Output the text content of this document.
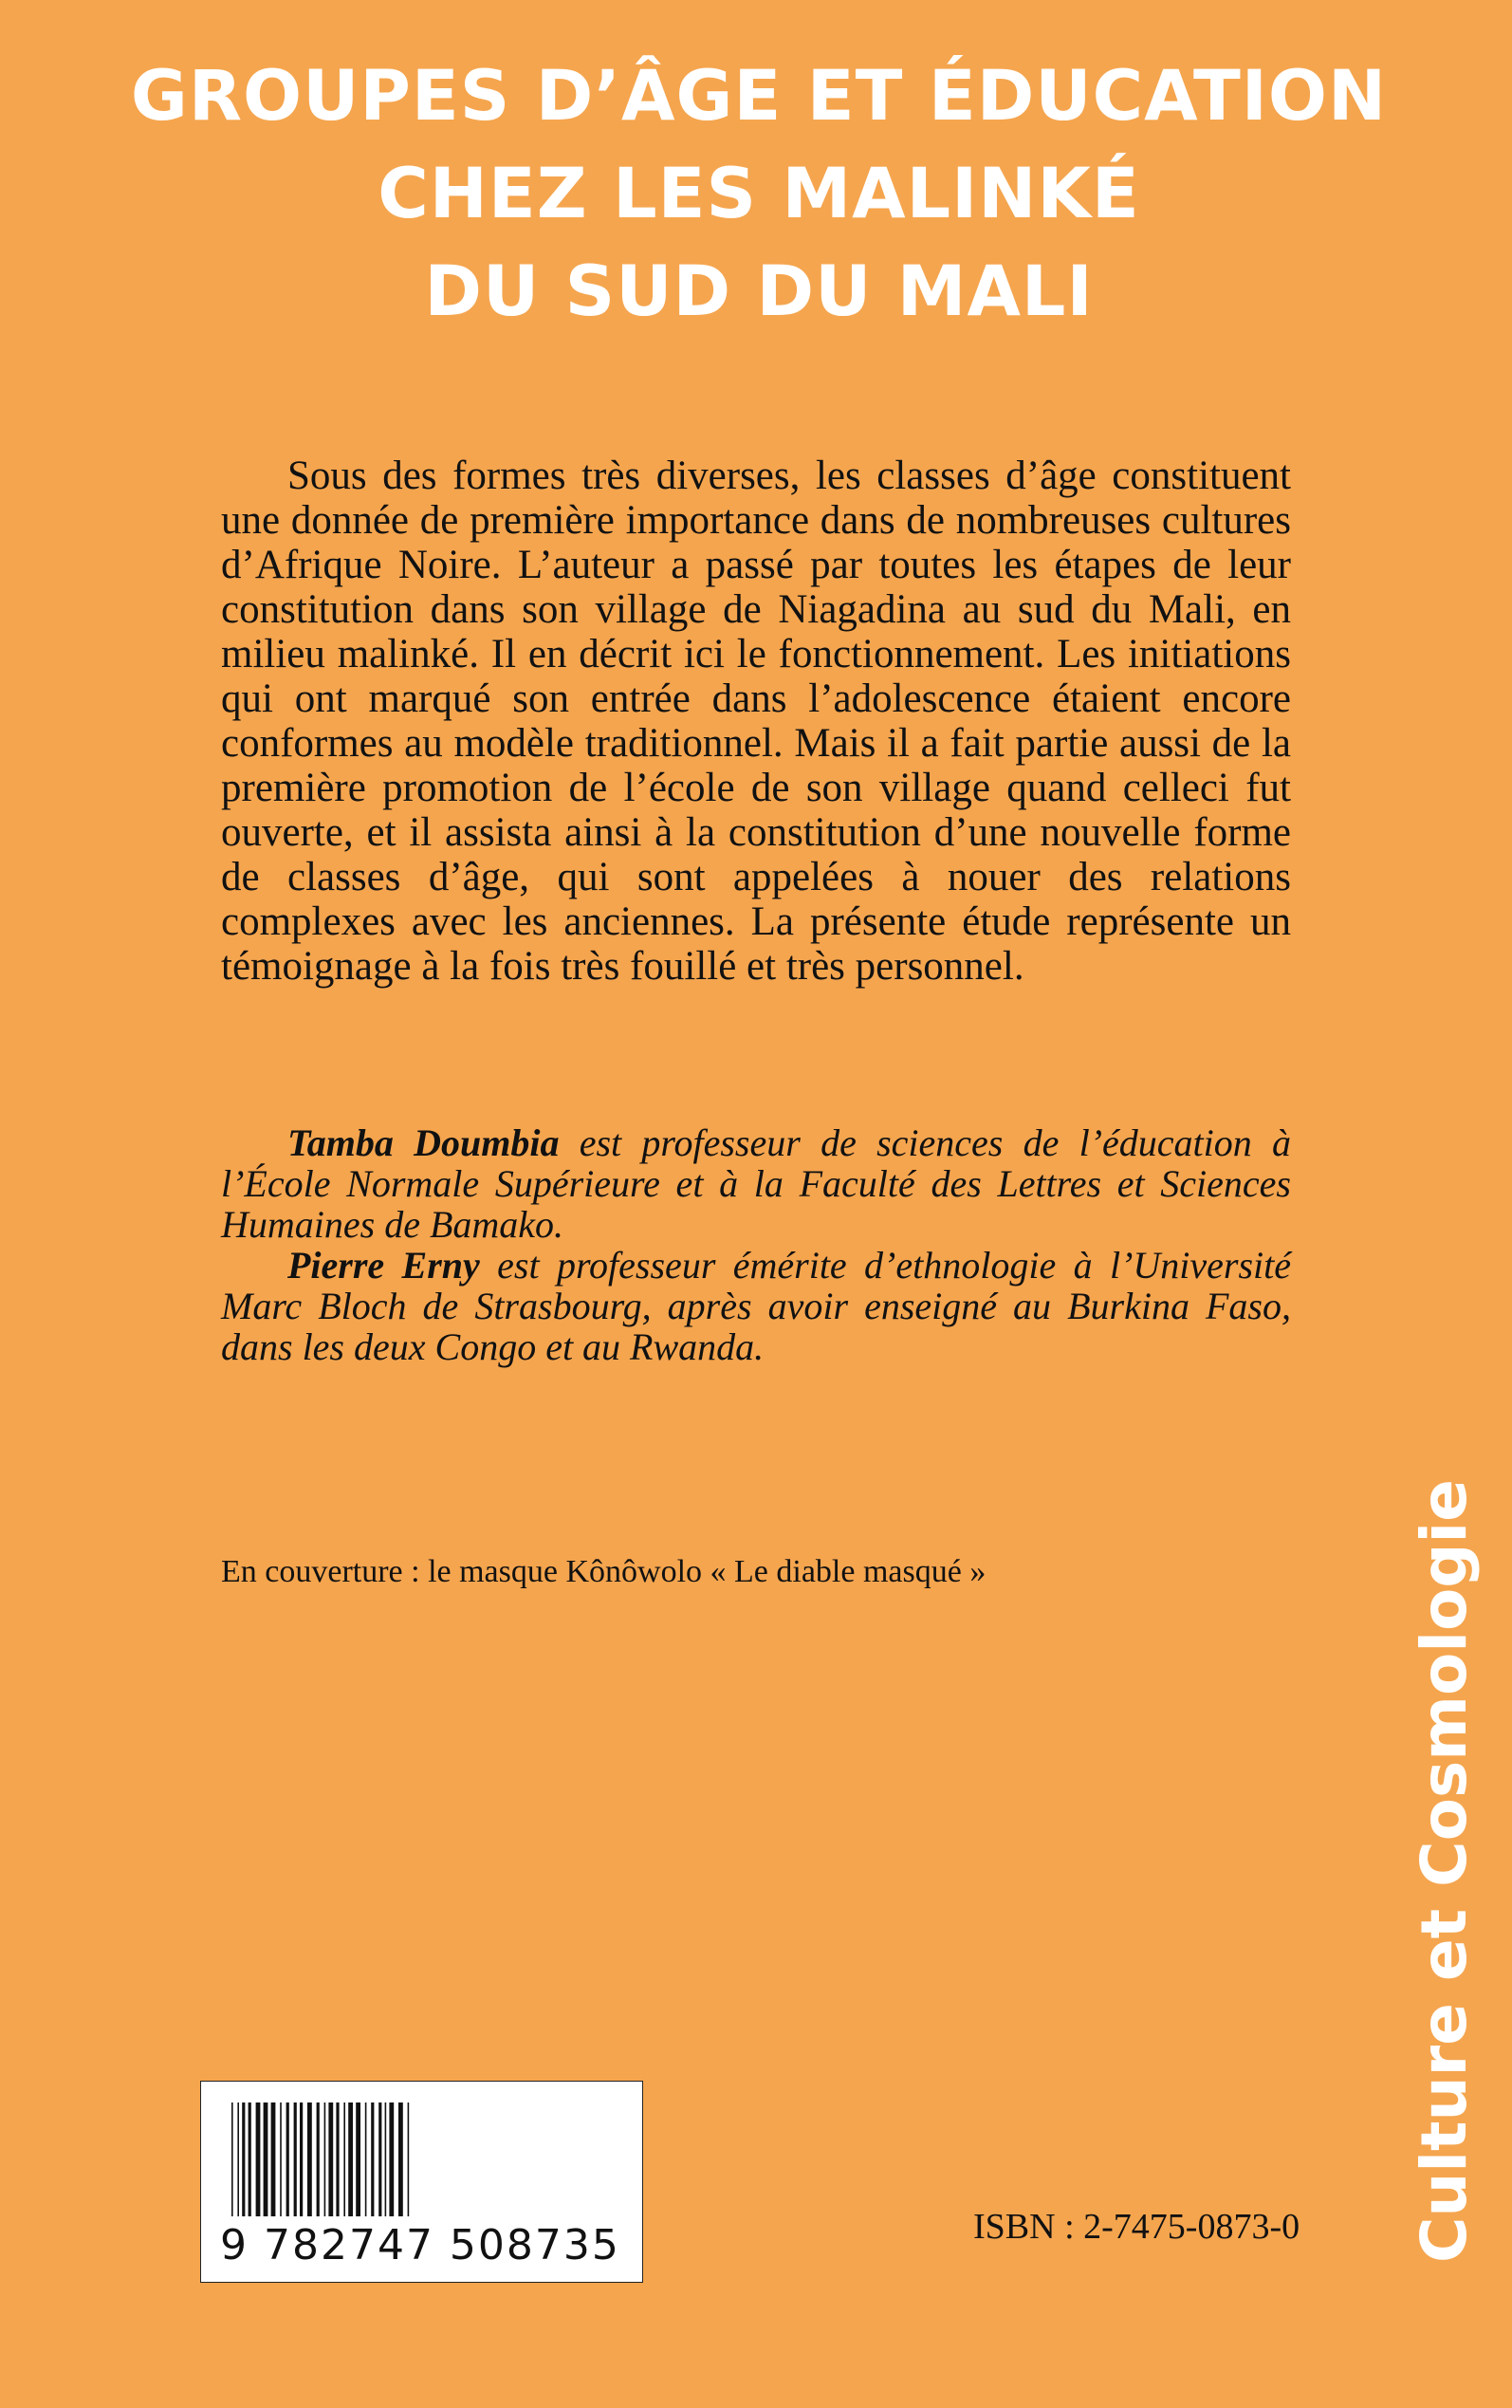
GROUPES D’ÂGE ET ÉDUCATION
CHEZ LES MALINKÉ
DU SUD DU MALI

Sous des formes très diverses, les classes d’âge constituent une donnée de première importance dans de nombreuses cultures d’Afrique Noire. L’auteur a passé par toutes les étapes de leur constitution dans son village de Niagadina au sud du Mali, en milieu malinké. Il en décrit ici le fonctionnement. Les initiations qui ont marqué son entrée dans l’adolescence étaient encore conformes au modèle traditionnel. Mais il a fait partie aussi de la première promotion de l’école de son village quand celleci fut ouverte, et il assista ainsi à la constitution d’une nouvelle forme de classes d’âge, qui sont appelées à nouer des relations complexes avec les anciennes. La présente étude représente un témoignage à la fois très fouillé et très personnel.

Tamba Doumbia est professeur de sciences de l’éducation à l’École Normale Supérieure et à la Faculté des Lettres et Sciences Humaines de Bamako.

Pierre Erny est professeur émérite d’ethnologie à l’Université Marc Bloch de Strasbourg, après avoir enseigné au Burkina Faso, dans les deux Congo et au Rwanda.

En couverture : le masque Kônôwolo « Le diable masqué »	Culture et Cosmologie
9 782747 508735	ISBN : 2-7475-0873-0
